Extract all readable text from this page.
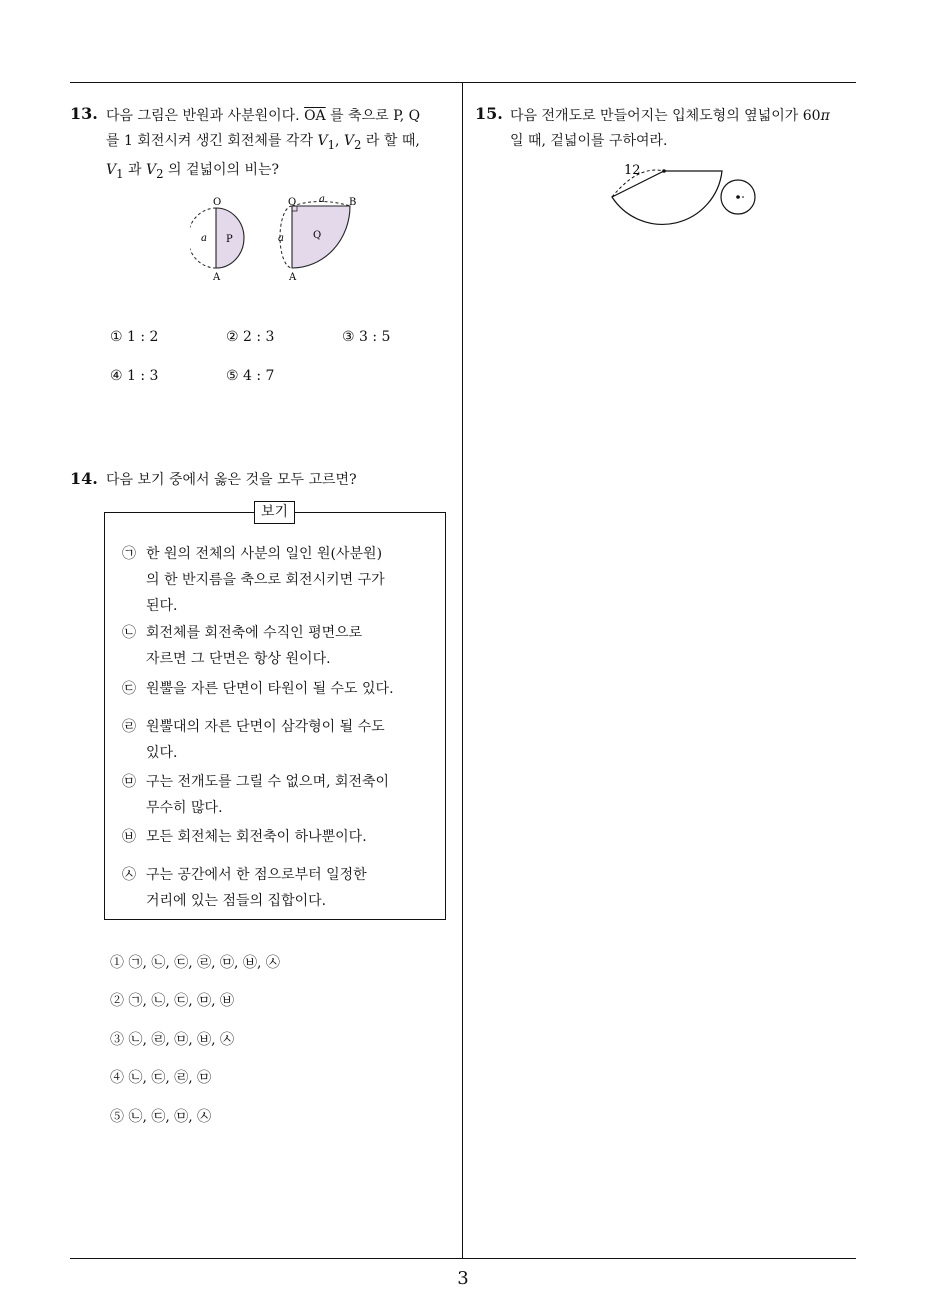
13. 다음 그림은 반원과 사분원이다. $\overline{OA}$ 를 축으로 P, Q
를 1 회전시켜 생긴 회전체를 각각 $V_1$, $V_2$ 라 할 때,
$V_1$ 과 $V_2$ 의 겉넓이의 비는?
O
A
a P
O	B
A
a
a	Q
① 1 : 2	② 2 : 3	③ 3 : 5
④ 1 : 3	⑤ 4 : 7
14. 다음 보기 중에서 옳은 것을 모두 고르면?
보기
㉠ 한 원의 전체의 사분의 일인 원(사분원)
의 한 반지름을 축으로 회전시키면 구가
된다.
㉡ 회전체를 회전축에 수직인 평면으로
자르면 그 단면은 항상 원이다.
㉢ 원뿔을 자른 단면이 타원이 될 수도 있다.
㉣ 원뿔대의 자른 단면이 삼각형이 될 수도
있다.
㉤ 구는 전개도를 그릴 수 없으며, 회전축이
무수히 많다.
㉥ 모든 회전체는 회전축이 하나뿐이다.
㉦ 구는 공간에서 한 점으로부터 일정한
거리에 있는 점들의 집합이다.
① ㉠, ㉡, ㉢, ㉣, ㉤, ㉥, ㉦
② ㉠, ㉡, ㉢, ㉤, ㉥
③ ㉡, ㉣, ㉤, ㉥, ㉦
④ ㉡, ㉢, ㉣, ㉤
⑤ ㉡, ㉢, ㉤, ㉦
15. 다음 전개도로 만들어지는 입체도형의 옆넓이가 60π
일 때, 겉넓이를 구하여라.
12
3
